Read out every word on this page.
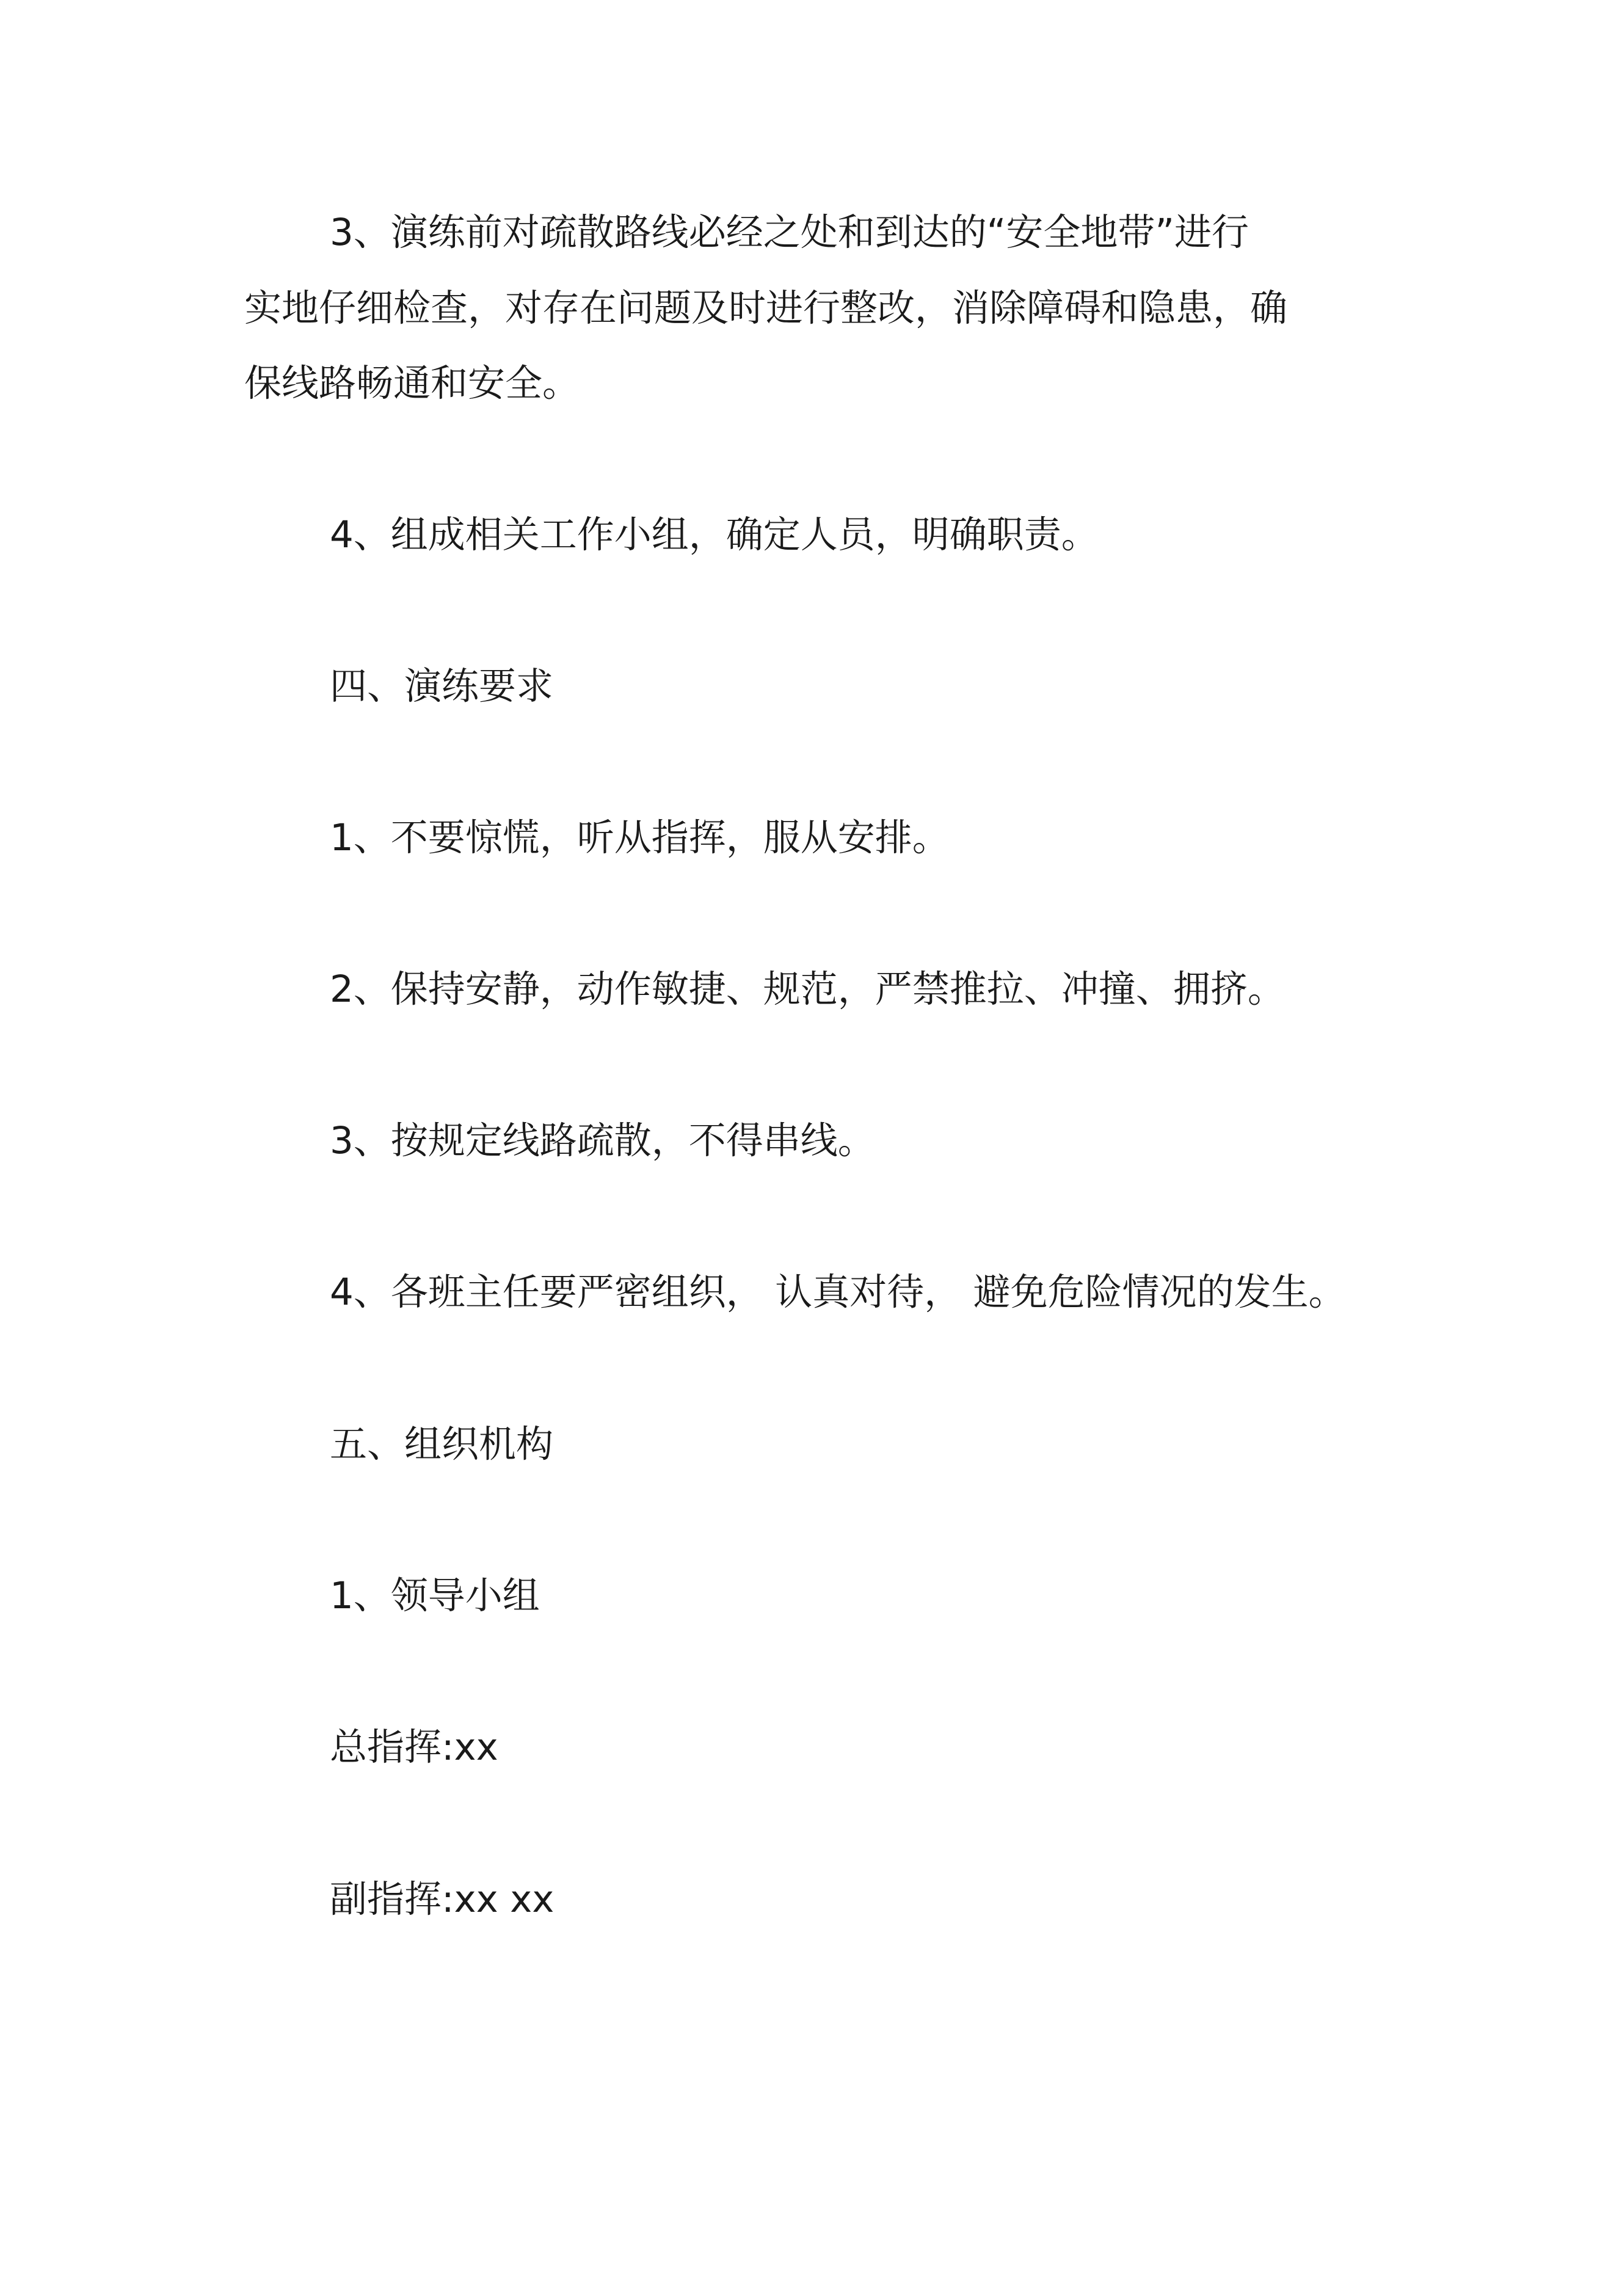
3、演练前对疏散路线必经之处和到达的“安全地带”进行

实地仔细检查，对存在问题及时进行整改，消除障碍和隐患，确

保线路畅通和安全。

4、组成相关工作小组，确定人员，明确职责。

四、演练要求

1、不要惊慌，听从指挥，服从安排。

2、保持安静，动作敏捷、规范，严禁推拉、冲撞、拥挤。

3、按规定线路疏散，不得串线。

4、各班主任要严密组织， 认真对待， 避免危险情况的发生。

五、组织机构

1、领导小组

总指挥:xx

副指挥:xx xx
